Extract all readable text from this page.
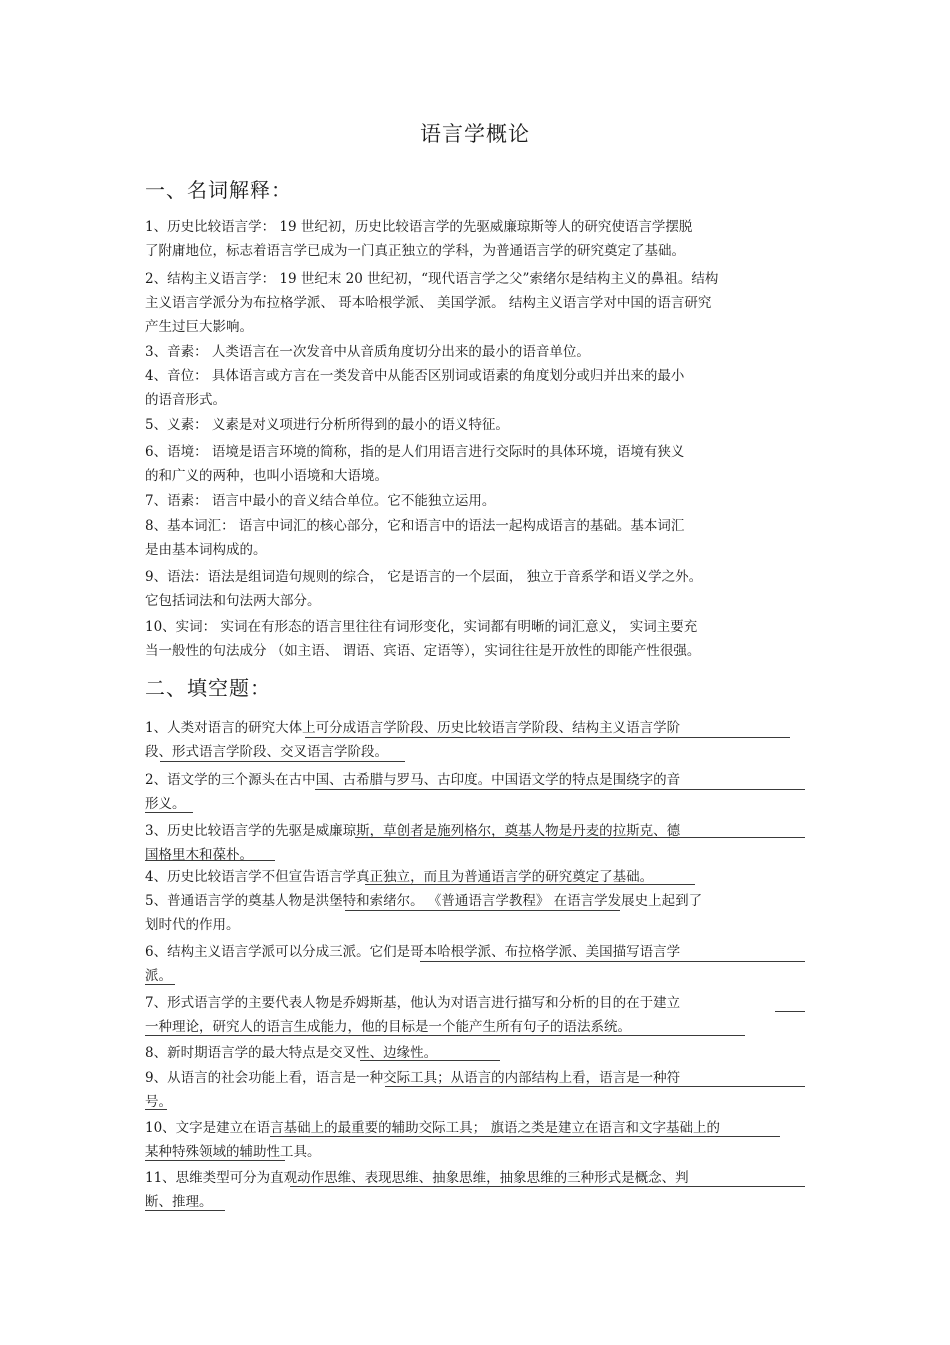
语言学概论
一、名词解释：
1、历史比较语言学： 19 世纪初，历史比较语言学的先驱威廉琼斯等人的研究使语言学摆脱
了附庸地位，标志着语言学已成为一门真正独立的学科，为普通语言学的研究奠定了基础。
2、结构主义语言学： 19 世纪末 20 世纪初，“现代语言学之父”索绪尔是结构主义的鼻祖。结构
主义语言学派分为布拉格学派、 哥本哈根学派、 美国学派。 结构主义语言学对中国的语言研究
产生过巨大影响。
3、音素： 人类语言在一次发音中从音质角度切分出来的最小的语音单位。
4、音位： 具体语言或方言在一类发音中从能否区别词或语素的角度划分或归并出来的最小
的语音形式。
5、义素： 义素是对义项进行分析所得到的最小的语义特征。
6、语境： 语境是语言环境的简称，指的是人们用语言进行交际时的具体环境，语境有狭义
的和广义的两种，也叫小语境和大语境。
7、语素： 语言中最小的音义结合单位。它不能独立运用。
8、基本词汇： 语言中词汇的核心部分，它和语言中的语法一起构成语言的基础。基本词汇
是由基本词构成的。
9、语法：语法是组词造句规则的综合， 它是语言的一个层面， 独立于音系学和语义学之外。
它包括词法和句法两大部分。
10、实词： 实词在有形态的语言里往往有词形变化，实词都有明晰的词汇意义， 实词主要充
当一般性的句法成分 （如主语、 谓语、宾语、定语等），实词往往是开放性的即能产性很强。
二、填空题：
1、人类对语言的研究大体上可分成语言学阶段、历史比较语言学阶段、结构主义语言学阶
段、形式语言学阶段、交叉语言学阶段。
2、语文学的三个源头在古中国、古希腊与罗马、古印度。中国语文学的特点是围绕字的音
形义。
3、历史比较语言学的先驱是威廉琼斯，草创者是施列格尔，奠基人物是丹麦的拉斯克、德
国格里木和葆朴。
4、历史比较语言学不但宣告语言学真正独立，而且为普通语言学的研究奠定了基础。
5、普通语言学的奠基人物是洪堡特和索绪尔。 《普通语言学教程》 在语言学发展史上起到了
划时代的作用。
6、结构主义语言学派可以分成三派。它们是哥本哈根学派、布拉格学派、美国描写语言学
派。
7、形式语言学的主要代表人物是乔姆斯基，他认为对语言进行描写和分析的目的在于建立
一种理论，研究人的语言生成能力，他的目标是一个能产生所有句子的语法系统。
8、新时期语言学的最大特点是交叉性、边缘性。
9、从语言的社会功能上看，语言是一种交际工具；从语言的内部结构上看，语言是一种符
号。
10、文字是建立在语言基础上的最重要的辅助交际工具； 旗语之类是建立在语言和文字基础上的
某种特殊领域的辅助性工具。
11、思维类型可分为直观动作思维、表现思维、抽象思维，抽象思维的三种形式是概念、判
断、推理。
